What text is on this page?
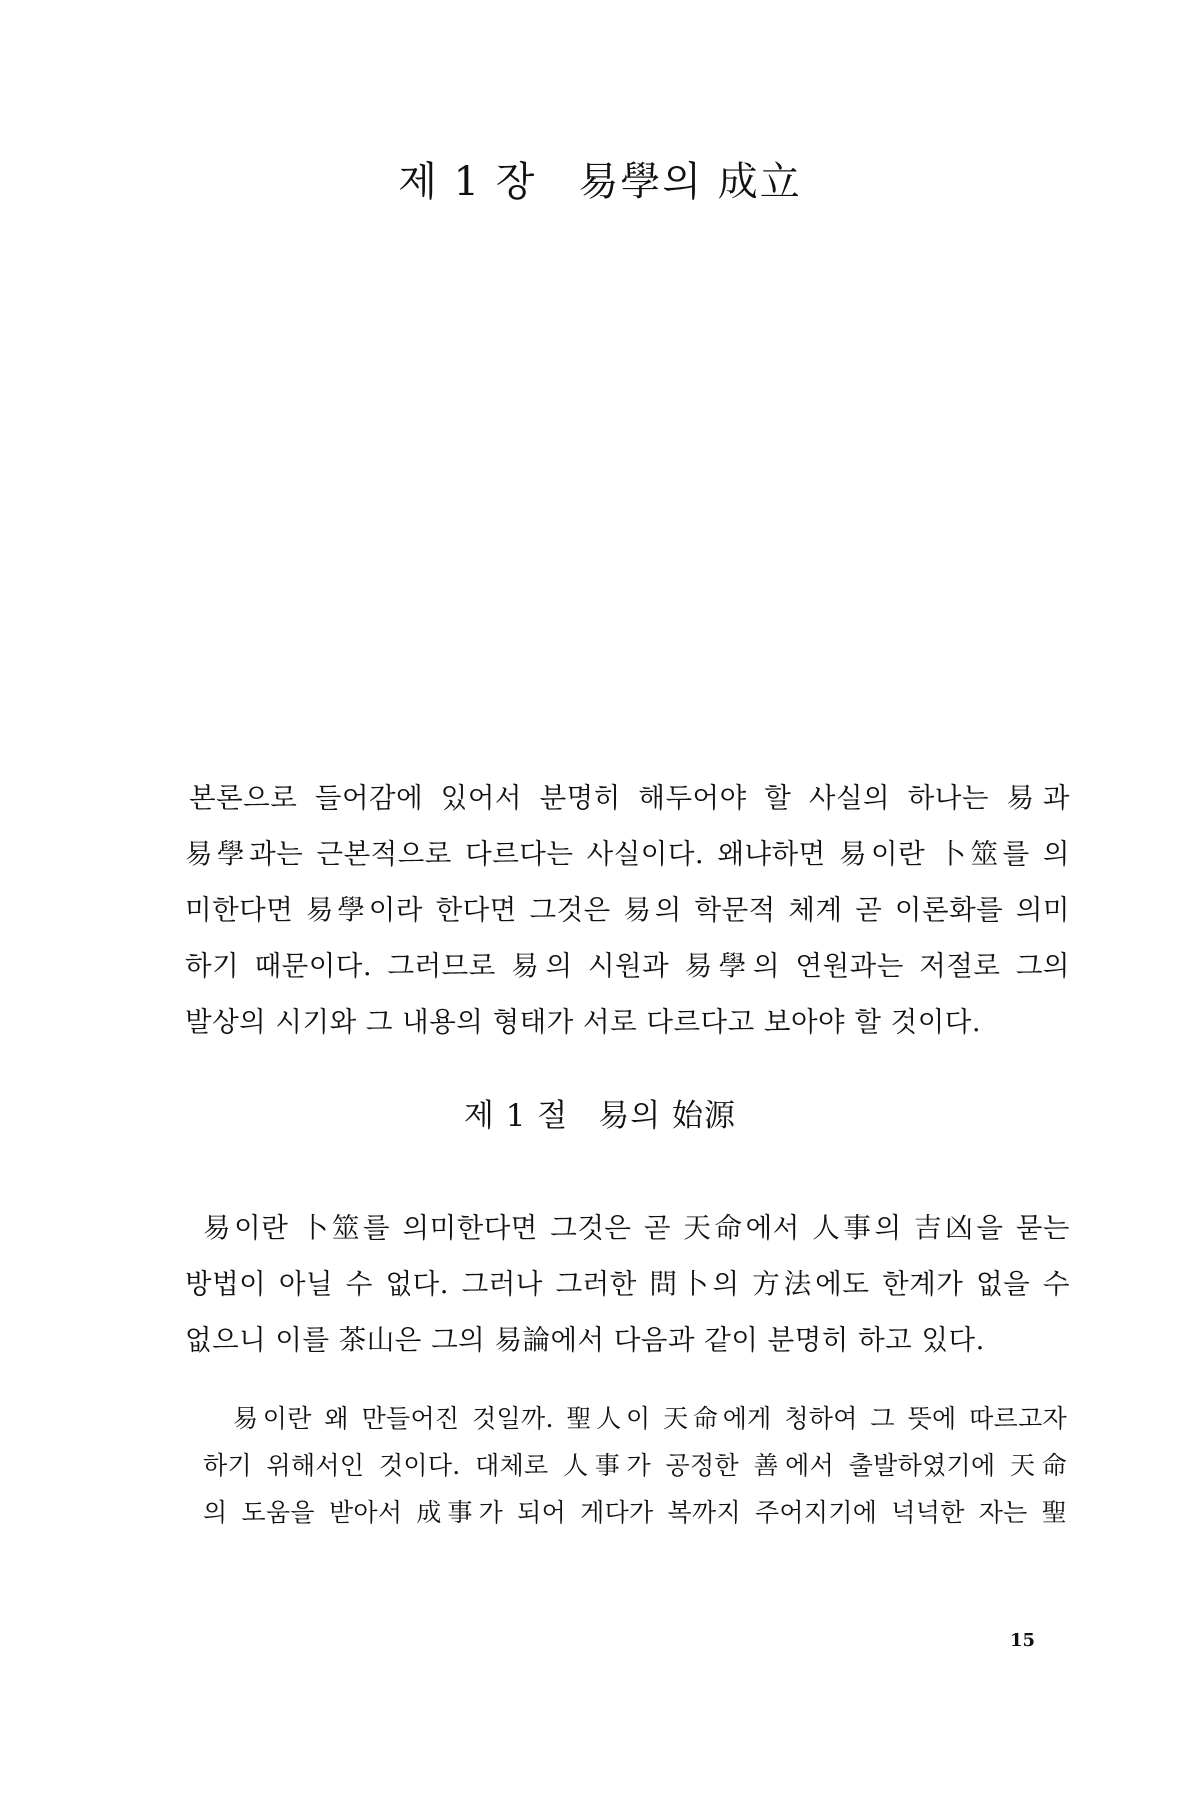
제 1 장 易學의 成立
본론으로 들어감에 있어서 분명히 해두어야 할 사실의 하나는 易과
易學과는 근본적으로 다르다는 사실이다. 왜냐하면 易이란 卜筮를 의
미한다면 易學이라 한다면 그것은 易의 학문적 체계 곧 이론화를 의미
하기 때문이다. 그러므로 易의 시원과 易學의 연원과는 저절로 그의
발상의 시기와 그 내용의 형태가 서로 다르다고 보아야 할 것이다.
제 1 절 易의 始源
易이란 卜筮를 의미한다면 그것은 곧 天命에서 人事의 吉凶을 묻는
방법이 아닐 수 없다. 그러나 그러한 問卜의 方法에도 한계가 없을 수
없으니 이를 茶山은 그의 易論에서 다음과 같이 분명히 하고 있다.
易이란 왜 만들어진 것일까. 聖人이 天命에게 청하여 그 뜻에 따르고자
하기 위해서인 것이다. 대체로 人事가 공정한 善에서 출발하였기에 天命
의 도움을 받아서 成事가 되어 게다가 복까지 주어지기에 넉넉한 자는 聖
15
